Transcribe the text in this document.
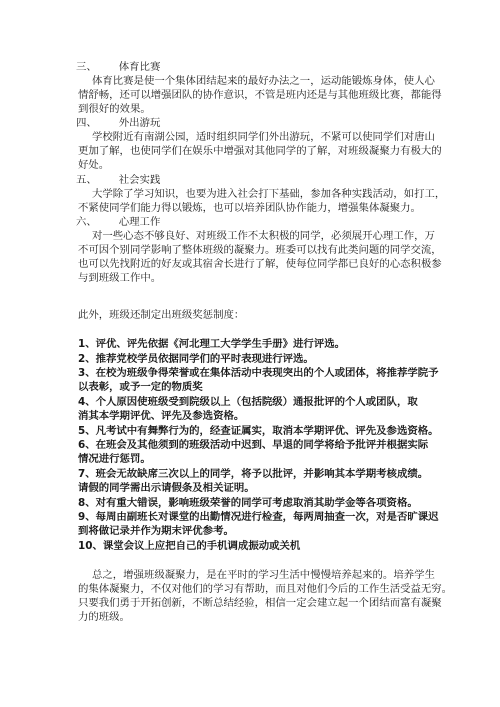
三、 体育比赛
体育比赛是使一个集体团结起来的最好办法之一，运动能锻炼身体，使人心
情舒畅，还可以增强团队的协作意识，不管是班内还是与其他班级比赛，都能得
到很好的效果。
四、 外出游玩
学校附近有南湖公园，适时组织同学们外出游玩，不紧可以使同学们对唐山
更加了解，也使同学们在娱乐中增强对其他同学的了解，对班级凝聚力有极大的
好处。
五、 社会实践
大学除了学习知识，也要为进入社会打下基础，参加各种实践活动，如打工，
不紧使同学们能力得以锻炼，也可以培养团队协作能力，增强集体凝聚力。
六、 心理工作
对一些心态不够良好、对班级工作不太积极的同学，必须展开心理工作，万
不可因个别同学影响了整体班级的凝聚力。班委可以找有此类问题的同学交流，
也可以先找附近的好友或其宿舍长进行了解，使每位同学都已良好的心态积极参
与到班级工作中。
此外，班级还制定出班级奖惩制度：
1、评优、评先依据《河北理工大学学生手册》进行评选。
2、推荐党校学员依据同学们的平时表现进行评选。
3、在校为班级争得荣誉或在集体活动中表现突出的个人或团体，将推荐学院予
以表彰，或予一定的物质奖
4、个人原因使班级受到院级以上（包括院级）通报批评的个人或团队，取
消其本学期评优、评先及参选资格。
5、凡考试中有舞弊行为的，经查证属实，取消本学期评优、评先及参选资格。
6、在班会及其他须到的班级活动中迟到、早退的同学将给予批评并根据实际
情况进行惩罚。
7、班会无故缺席三次以上的同学，将予以批评，并影响其本学期考核成绩。
请假的同学需出示请假条及相关证明。
8、对有重大错误，影响班级荣誉的同学可考虑取消其助学金等各项资格。
9、每周由副班长对课堂的出勤情况进行检查，每两周抽查一次，对是否旷课迟
到将做记录并作为期末评优参考。
10、课堂会议上应把自己的手机调成振动或关机
总之，增强班级凝聚力，是在平时的学习生活中慢慢培养起来的。培养学生
的集体凝聚力，不仅对他们的学习有帮助，而且对他们今后的工作生活受益无穷。
只要我们勇于开拓创新，不断总结经验，相信一定会建立起一个团结而富有凝聚
力的班级。
